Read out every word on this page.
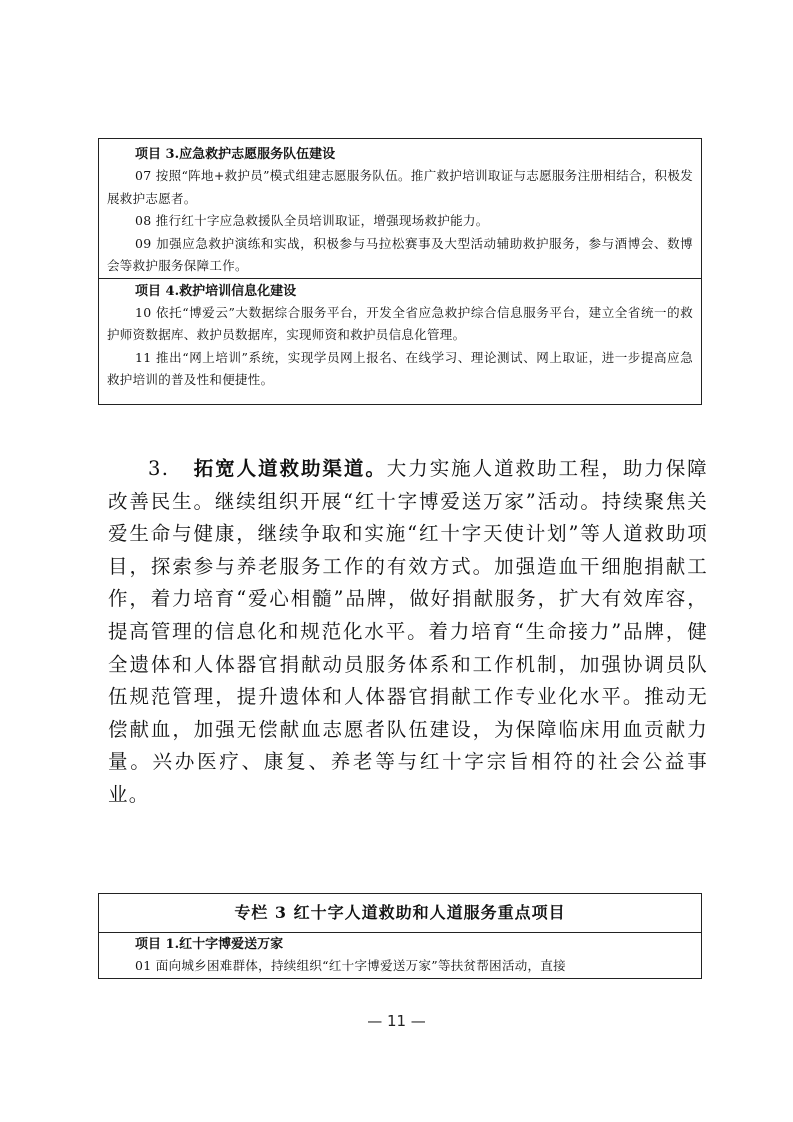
项目 3.应急救护志愿服务队伍建设
07 按照“阵地+救护员”模式组建志愿服务队伍。推广救护培训取证与志愿服务注册相结合，积极发展救护志愿者。
08 推行红十字应急救援队全员培训取证，增强现场救护能力。
09 加强应急救护演练和实战，积极参与马拉松赛事及大型活动辅助救护服务，参与酒博会、数博会等救护服务保障工作。
项目 4.救护培训信息化建设
10 依托“博爱云”大数据综合服务平台，开发全省应急救护综合信息服务平台，建立全省统一的救护师资数据库、救护员数据库，实现师资和救护员信息化管理。
11 推出“网上培训”系统，实现学员网上报名、在线学习、理论测试、网上取证，进一步提高应急救护培训的普及性和便捷性。
3. 拓宽人道救助渠道。大力实施人道救助工程，助力保障改善民生。继续组织开展“红十字博爱送万家”活动。持续聚焦关爱生命与健康，继续争取和实施“红十字天使计划”等人道救助项目，探索参与养老服务工作的有效方式。加强造血干细胞捐献工作，着力培育“爱心相髓”品牌，做好捐献服务，扩大有效库容，提高管理的信息化和规范化水平。着力培育“生命接力”品牌，健全遗体和人体器官捐献动员服务体系和工作机制，加强协调员队伍规范管理，提升遗体和人体器官捐献工作专业化水平。推动无偿献血，加强无偿献血志愿者队伍建设，为保障临床用血贡献力量。兴办医疗、康复、养老等与红十字宗旨相符的社会公益事业。
专栏 3 红十字人道救助和人道服务重点项目
项目 1.红十字博爱送万家
01 面向城乡困难群体，持续组织“红十字博爱送万家”等扶贫帮困活动，直接
— 11 —
